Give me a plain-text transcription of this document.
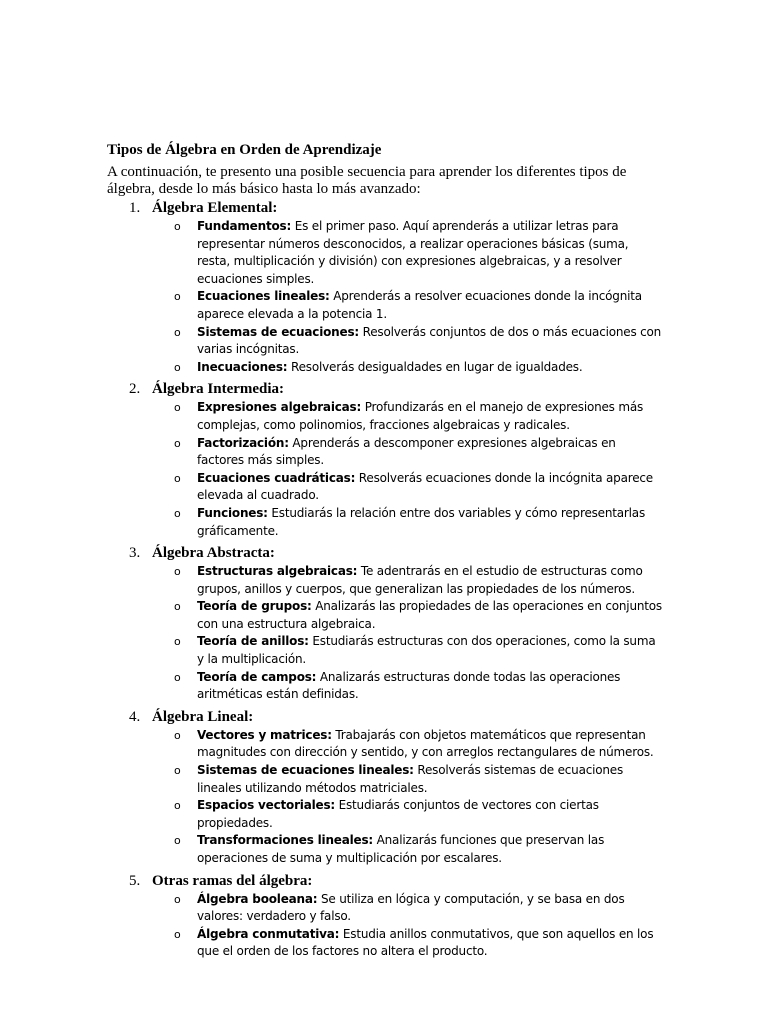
Tipos de Álgebra en Orden de Aprendizaje
A continuación, te presento una posible secuencia para aprender los diferentes tipos de álgebra, desde lo más básico hasta lo más avanzado:
1. Álgebra Elemental:
o Fundamentos: Es el primer paso. Aquí aprenderás a utilizar letras para representar números desconocidos, a realizar operaciones básicas (suma, resta, multiplicación y división) con expresiones algebraicas, y a resolver ecuaciones simples.
o Ecuaciones lineales: Aprenderás a resolver ecuaciones donde la incógnita aparece elevada a la potencia 1.
o Sistemas de ecuaciones: Resolverás conjuntos de dos o más ecuaciones con varias incógnitas.
o Inecuaciones: Resolverás desigualdades en lugar de igualdades.
2. Álgebra Intermedia:
o Expresiones algebraicas: Profundizarás en el manejo de expresiones más complejas, como polinomios, fracciones algebraicas y radicales.
o Factorización: Aprenderás a descomponer expresiones algebraicas en factores más simples.
o Ecuaciones cuadráticas: Resolverás ecuaciones donde la incógnita aparece elevada al cuadrado.
o Funciones: Estudiarás la relación entre dos variables y cómo representarlas gráficamente.
3. Álgebra Abstracta:
o Estructuras algebraicas: Te adentrarás en el estudio de estructuras como grupos, anillos y cuerpos, que generalizan las propiedades de los números.
o Teoría de grupos: Analizarás las propiedades de las operaciones en conjuntos con una estructura algebraica.
o Teoría de anillos: Estudiarás estructuras con dos operaciones, como la suma y la multiplicación.
o Teoría de campos: Analizarás estructuras donde todas las operaciones aritméticas están definidas.
4. Álgebra Lineal:
o Vectores y matrices: Trabajarás con objetos matemáticos que representan magnitudes con dirección y sentido, y con arreglos rectangulares de números.
o Sistemas de ecuaciones lineales: Resolverás sistemas de ecuaciones lineales utilizando métodos matriciales.
o Espacios vectoriales: Estudiarás conjuntos de vectores con ciertas propiedades.
o Transformaciones lineales: Analizarás funciones que preservan las operaciones de suma y multiplicación por escalares.
5. Otras ramas del álgebra:
o Álgebra booleana: Se utiliza en lógica y computación, y se basa en dos valores: verdadero y falso.
o Álgebra conmutativa: Estudia anillos conmutativos, que son aquellos en los que el orden de los factores no altera el producto.
